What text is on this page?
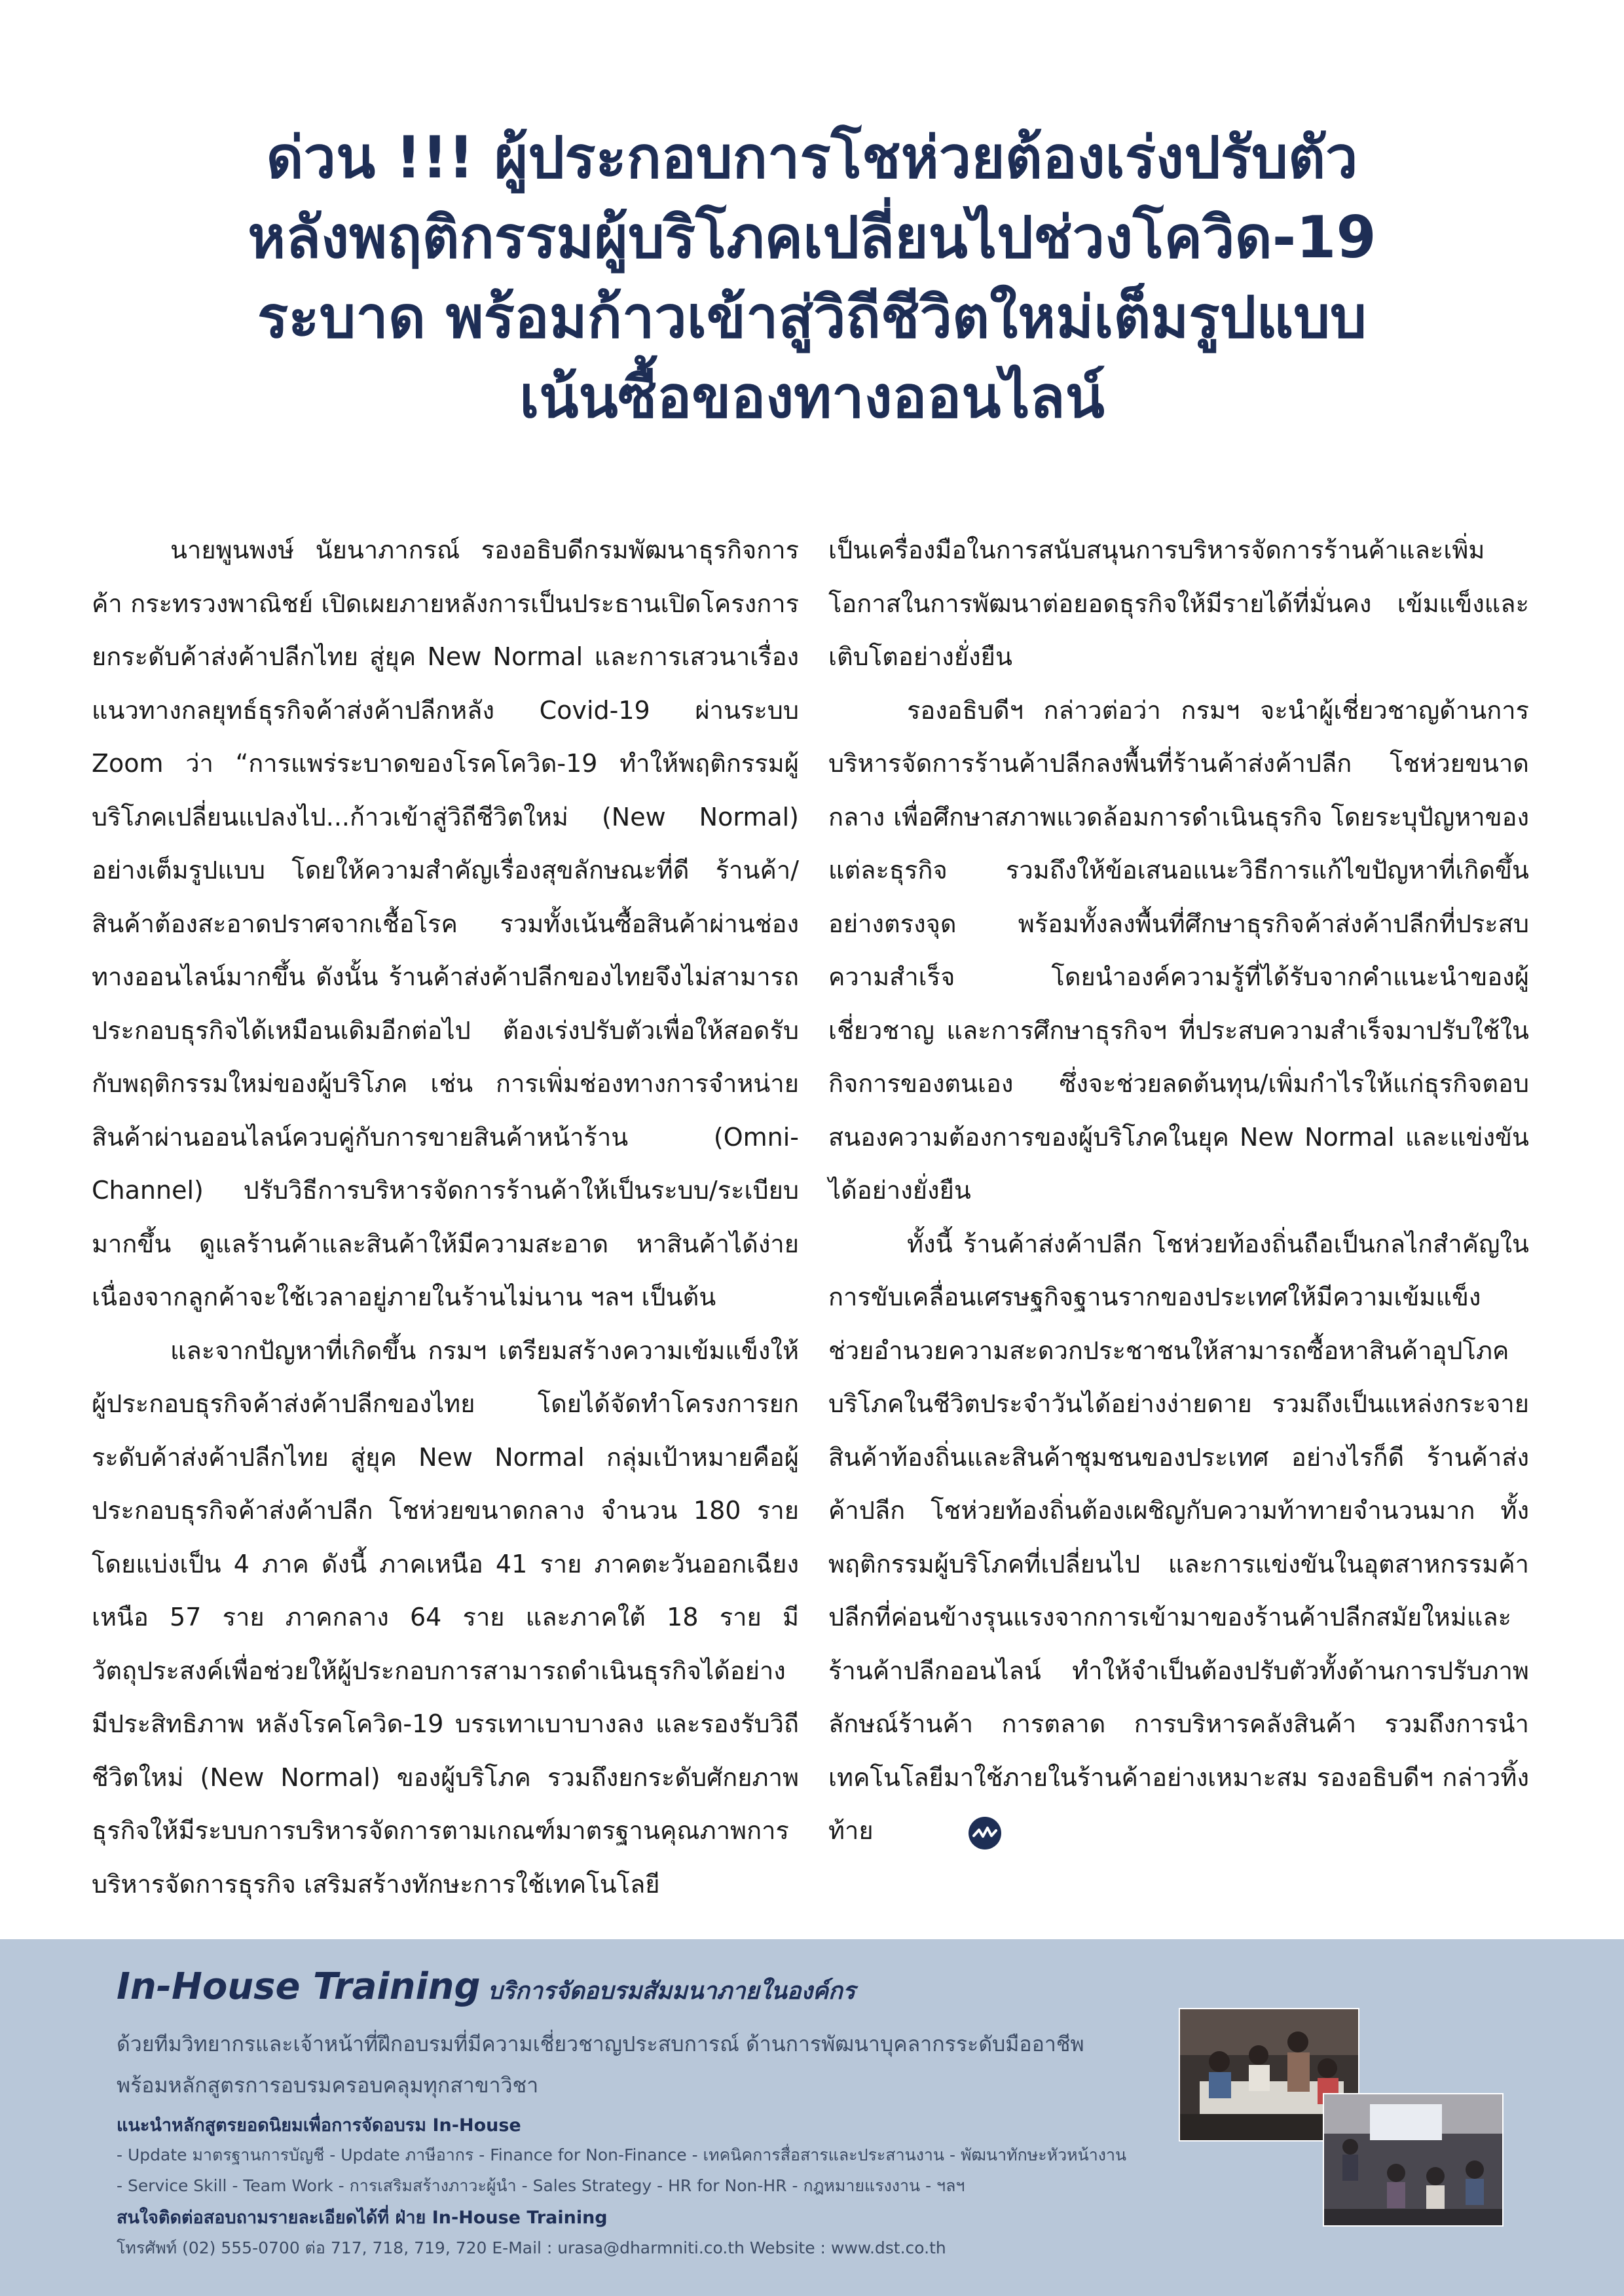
ด่วน !!! ผู้ประกอบการโชห่วยต้องเร่งปรับตัว
หลังพฤติกรรมผู้บริโภคเปลี่ยนไปช่วงโควิด-19
ระบาด พร้อมก้าวเข้าสู่วิถีชีวิตใหม่เต็มรูปแบบ
เน้นซื้อของทางออนไลน์

นายพูนพงษ์ นัยนาภากรณ์ รองอธิบดีกรมพัฒนาธุรกิจการค้า กระทรวงพาณิชย์ เปิดเผยภายหลังการเป็นประธานเปิดโครงการ ยกระดับค้าส่งค้าปลีกไทย สู่ยุค New Normal และการเสวนาเรื่อง แนวทางกลยุทธ์ธุรกิจค้าส่งค้าปลีกหลัง Covid-19 ผ่านระบบ Zoom ว่า “การแพร่ระบาดของโรคโควิด-19 ทำให้พฤติกรรมผู้บริโภคเปลี่ยนแปลงไป...ก้าวเข้าสู่วิถีชีวิตใหม่ (New Normal) อย่างเต็มรูปแบบ โดยให้ความสำคัญเรื่องสุขลักษณะที่ดี ร้านค้า/สินค้าต้องสะอาดปราศจากเชื้อโรค รวมทั้งเน้นซื้อสินค้าผ่านช่องทางออนไลน์มากขึ้น ดังนั้น ร้านค้าส่งค้าปลีกของไทยจึงไม่สามารถประกอบธุรกิจได้เหมือนเดิมอีกต่อไป ต้องเร่งปรับตัวเพื่อให้สอดรับกับพฤติกรรมใหม่ของผู้บริโภค เช่น การเพิ่มช่องทางการจำหน่ายสินค้าผ่านออนไลน์ควบคู่กับการขายสินค้าหน้าร้าน (Omni-Channel) ปรับวิธีการบริหารจัดการร้านค้าให้เป็นระบบ/ระเบียบมากขึ้น ดูแลร้านค้าและสินค้าให้มีความสะอาด หาสินค้าได้ง่าย เนื่องจากลูกค้าจะใช้เวลาอยู่ภายในร้านไม่นาน ฯลฯ เป็นต้น

และจากปัญหาที่เกิดขึ้น กรมฯ เตรียมสร้างความเข้มแข็งให้ผู้ประกอบธุรกิจค้าส่งค้าปลีกของไทย โดยได้จัดทำโครงการยกระดับค้าส่งค้าปลีกไทย สู่ยุค New Normal กลุ่มเป้าหมายคือผู้ประกอบธุรกิจค้าส่งค้าปลีก โชห่วยขนาดกลาง จำนวน 180 ราย โดยแบ่งเป็น 4 ภาค ดังนี้ ภาคเหนือ 41 ราย ภาคตะวันออกเฉียงเหนือ 57 ราย ภาคกลาง 64 ราย และภาคใต้ 18 ราย มีวัตถุประสงค์เพื่อช่วยให้ผู้ประกอบการสามารถดำเนินธุรกิจได้อย่างมีประสิทธิภาพ หลังโรคโควิด-19 บรรเทาเบาบางลง และรองรับวิถีชีวิตใหม่ (New Normal) ของผู้บริโภค รวมถึงยกระดับศักยภาพธุรกิจให้มีระบบการบริหารจัดการตามเกณฑ์มาตรฐานคุณภาพการบริหารจัดการธุรกิจ เสริมสร้างทักษะการใช้เทคโนโลยี

เป็นเครื่องมือในการสนับสนุนการบริหารจัดการร้านค้าและเพิ่มโอกาสในการพัฒนาต่อยอดธุรกิจให้มีรายได้ที่มั่นคง เข้มแข็งและเติบโตอย่างยั่งยืน

รองอธิบดีฯ กล่าวต่อว่า กรมฯ จะนำผู้เชี่ยวชาญด้านการบริหารจัดการร้านค้าปลีกลงพื้นที่ร้านค้าส่งค้าปลีก โชห่วยขนาดกลาง เพื่อศึกษาสภาพแวดล้อมการดำเนินธุรกิจ โดยระบุปัญหาของแต่ละธุรกิจ รวมถึงให้ข้อเสนอแนะวิธีการแก้ไขปัญหาที่เกิดขึ้นอย่างตรงจุด พร้อมทั้งลงพื้นที่ศึกษาธุรกิจค้าส่งค้าปลีกที่ประสบความสำเร็จ โดยนำองค์ความรู้ที่ได้รับจากคำแนะนำของผู้เชี่ยวชาญ และการศึกษาธุรกิจฯ ที่ประสบความสำเร็จมาปรับใช้ในกิจการของตนเอง ซึ่งจะช่วยลดต้นทุน/เพิ่มกำไรให้แก่ธุรกิจตอบสนองความต้องการของผู้บริโภคในยุค New Normal และแข่งขันได้อย่างยั่งยืน

ทั้งนี้ ร้านค้าส่งค้าปลีก โชห่วยท้องถิ่นถือเป็นกลไกสำคัญในการขับเคลื่อนเศรษฐกิจฐานรากของประเทศให้มีความเข้มแข็ง ช่วยอำนวยความสะดวกประชาชนให้สามารถซื้อหาสินค้าอุปโภคบริโภคในชีวิตประจำวันได้อย่างง่ายดาย รวมถึงเป็นแหล่งกระจายสินค้าท้องถิ่นและสินค้าชุมชนของประเทศ อย่างไรก็ดี ร้านค้าส่งค้าปลีก โชห่วยท้องถิ่นต้องเผชิญกับความท้าทายจำนวนมาก ทั้งพฤติกรรมผู้บริโภคที่เปลี่ยนไป และการแข่งขันในอุตสาหกรรมค้าปลีกที่ค่อนข้างรุนแรงจากการเข้ามาของร้านค้าปลีกสมัยใหม่และร้านค้าปลีกออนไลน์ ทำให้จำเป็นต้องปรับตัวทั้งด้านการปรับภาพลักษณ์ร้านค้า การตลาด การบริหารคลังสินค้า รวมถึงการนำเทคโนโลยีมาใช้ภายในร้านค้าอย่างเหมาะสม รองอธิบดีฯ กล่าวทิ้งท้าย

In-House Training บริการจัดอบรมสัมมนาภายในองค์กร
ด้วยทีมวิทยากรและเจ้าหน้าที่ฝึกอบรมที่มีความเชี่ยวชาญประสบการณ์ ด้านการพัฒนาบุคลากรระดับมืออาชีพ
พร้อมหลักสูตรการอบรมครอบคลุมทุกสาขาวิชา
แนะนำหลักสูตรยอดนิยมเพื่อการจัดอบรม In-House
- Update มาตรฐานการบัญชี - Update ภาษีอากร - Finance for Non-Finance - เทคนิคการสื่อสารและประสานงาน - พัฒนาทักษะหัวหน้างาน
- Service Skill - Team Work - การเสริมสร้างภาวะผู้นำ - Sales Strategy - HR for Non-HR - กฎหมายแรงงาน - ฯลฯ
สนใจติดต่อสอบถามรายละเอียดได้ที่ ฝ่าย In-House Training
โทรศัพท์ (02) 555-0700 ต่อ 717, 718, 719, 720 E-Mail : urasa@dharmniti.co.th Website : www.dst.co.th
